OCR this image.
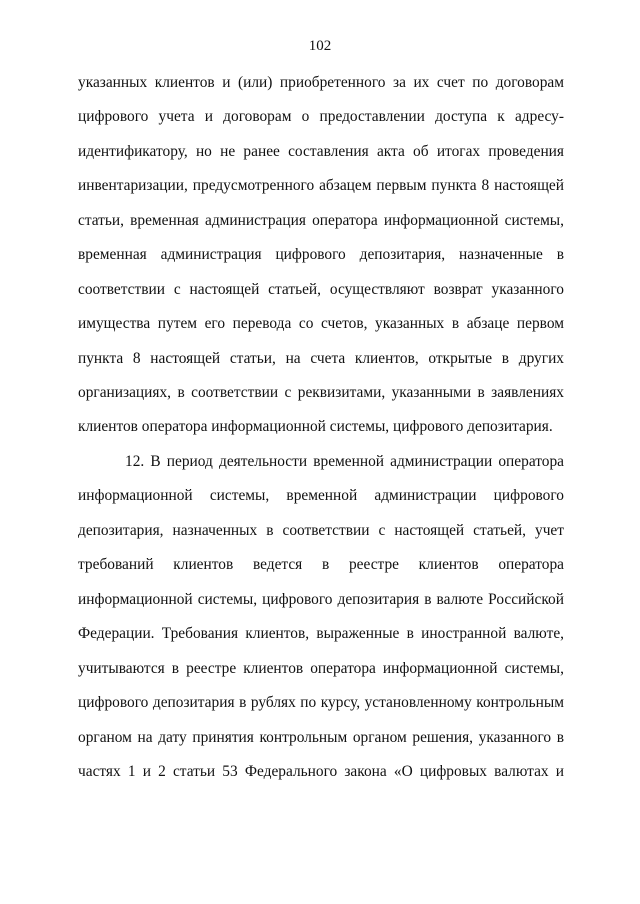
102
указанных клиентов и (или) приобретенного за их счет по договорам
цифрового учета и договорам о предоставлении доступа к адресу-
идентификатору, но не ранее составления акта об итогах проведения
инвентаризации, предусмотренного абзацем первым пункта 8 настоящей
статьи, временная администрация оператора информационной системы,
временная администрация цифрового депозитария, назначенные в
соответствии с настоящей статьей, осуществляют возврат указанного
имущества путем его перевода со счетов, указанных в абзаце первом
пункта 8 настоящей статьи, на счета клиентов, открытые в других
организациях, в соответствии с реквизитами, указанными в заявлениях
клиентов оператора информационной системы, цифрового депозитария.
12. В период деятельности временной администрации оператора
информационной системы, временной администрации цифрового
депозитария, назначенных в соответствии с настоящей статьей, учет
требований клиентов ведется в реестре клиентов оператора
информационной системы, цифрового депозитария в валюте Российской
Федерации. Требования клиентов, выраженные в иностранной валюте,
учитываются в реестре клиентов оператора информационной системы,
цифрового депозитария в рублях по курсу, установленному контрольным
органом на дату принятия контрольным органом решения, указанного в
частях 1 и 2 статьи 53 Федерального закона «О цифровых валютах и
